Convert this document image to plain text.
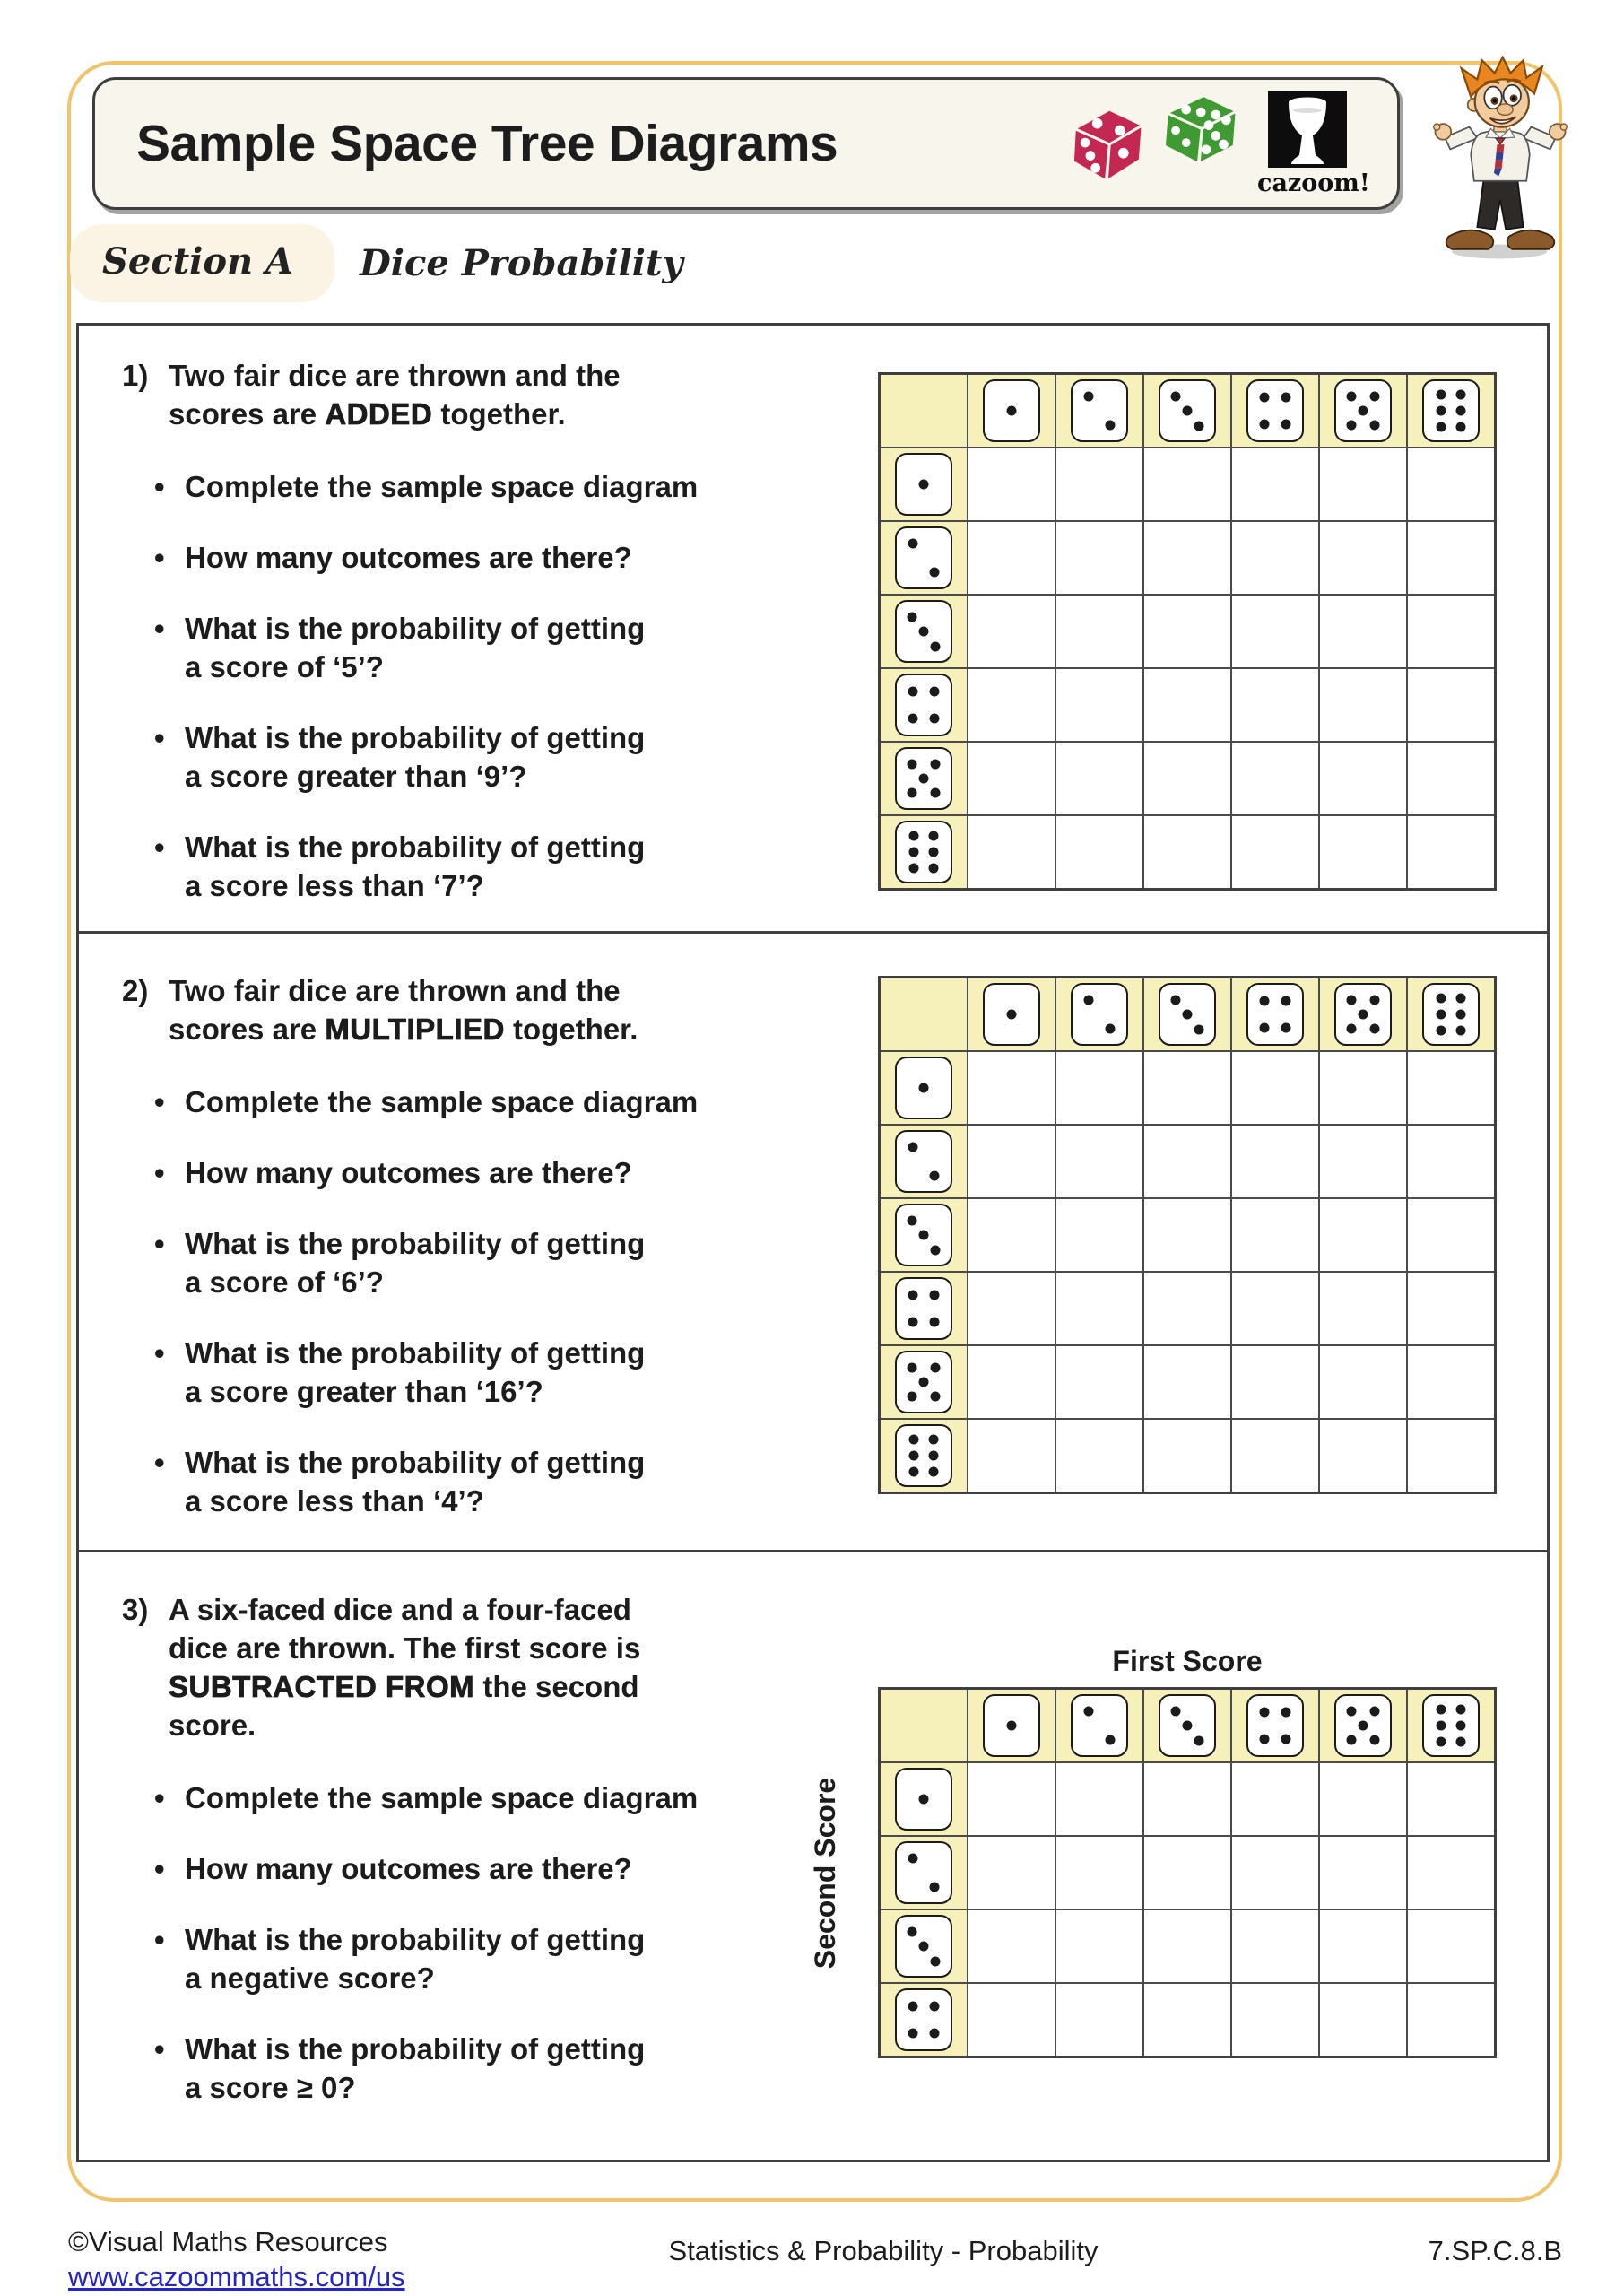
Sample Space Tree Diagrams
cazoom!
Section A	Dice Probability
1) Two fair dice are thrown and the
scores are ADDED together.
• Complete the sample space diagram
• How many outcomes are there?
• What is the probability of getting
a score of ‘5’?
• What is the probability of getting
a score greater than ‘9’?
• What is the probability of getting
a score less than ‘7’?
2) Two fair dice are thrown and the
scores are MULTIPLIED together.
• Complete the sample space diagram
• How many outcomes are there?
• What is the probability of getting
a score of ‘6’?
• What is the probability of getting
a score greater than ‘16’?
• What is the probability of getting
a score less than ‘4’?
3) A six-faced dice and a four-faced
dice are thrown. The first score is
SUBTRACTED FROM the second
score.
• Complete the sample space diagram
• How many outcomes are there?
• What is the probability of getting
a negative score?
• What is the probability of getting
a score ≥ 0?
First Score
Second Score
©Visual Maths Resources
www.cazoommaths.com/us
Statistics & Probability - Probability	7.SP.C.8.B
